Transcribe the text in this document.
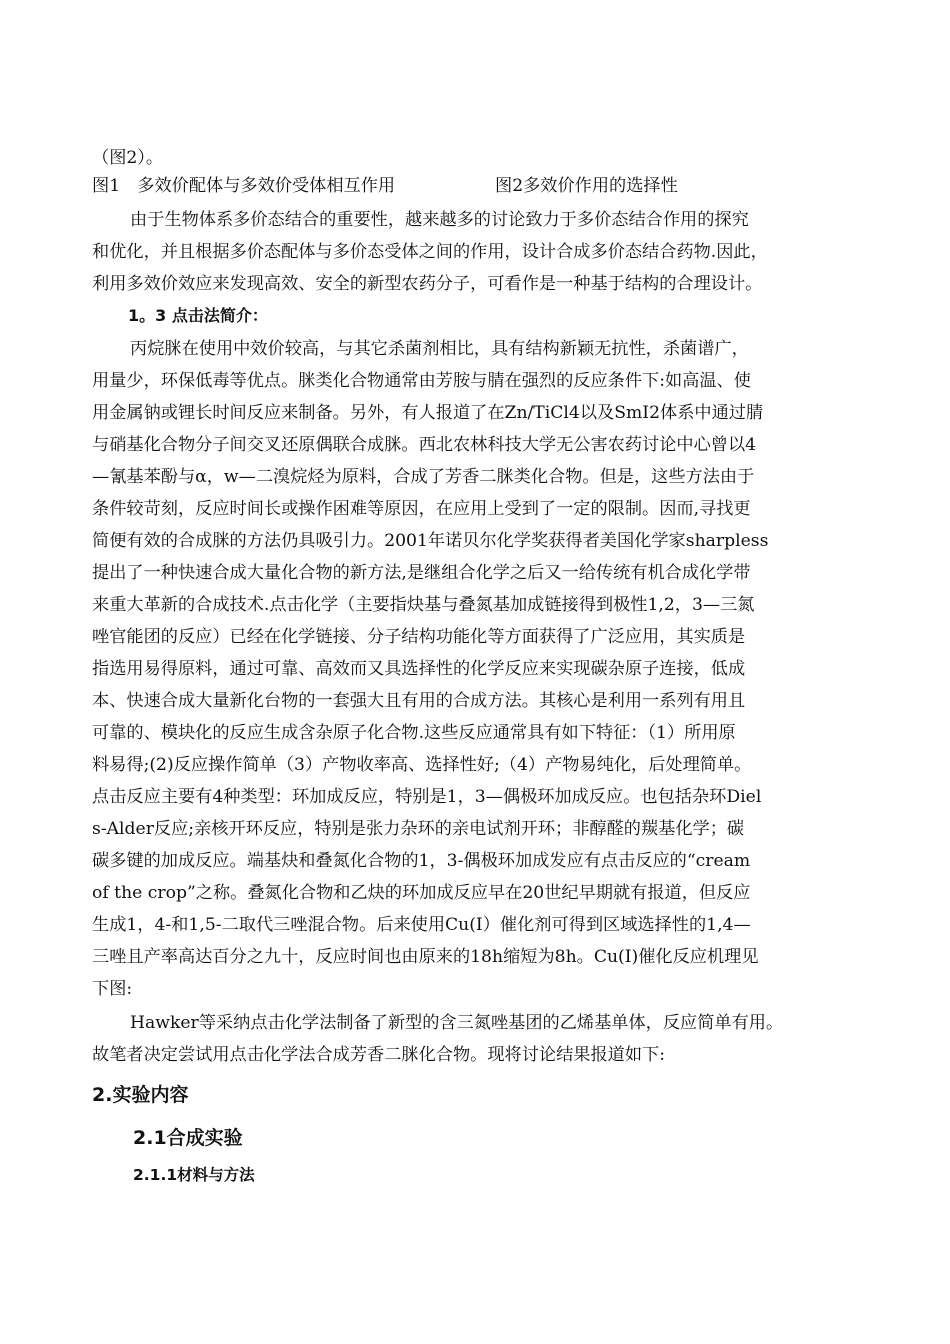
（图2）。

图1　多效价配体与多效价受体相互作用	图2多效价作用的选择性

由于生物体系多价态结合的重要性，越来越多的讨论致力于多价态结合作用的探究

和优化，并且根据多价态配体与多价态受体之间的作用，设计合成多价态结合药物.因此，

利用多效价效应来发现高效、安全的新型农药分子，可看作是一种基于结构的合理设计。

1。3 点击法简介：

丙烷脒在使用中效价较高，与其它杀菌剂相比，具有结构新颖无抗性，杀菌谱广，

用量少，环保低毒等优点。脒类化合物通常由芳胺与腈在强烈的反应条件下:如高温、使

用金属钠或锂长时间反应来制备。另外，有人报道了在Zn/TiCl4以及SmI2体系中通过腈

与硝基化合物分子间交叉还原偶联合成脒。西北农林科技大学无公害农药讨论中心曾以4

—氰基苯酚与α，w—二溴烷烃为原料，合成了芳香二脒类化合物。但是，这些方法由于

条件较苛刻，反应时间长或操作困难等原因，在应用上受到了一定的限制。因而,寻找更

简便有效的合成脒的方法仍具吸引力。2001年诺贝尔化学奖获得者美国化学家sharpless

提出了一种快速合成大量化合物的新方法,是继组合化学之后又一给传统有机合成化学带

来重大革新的合成技术.点击化学（主要指炔基与叠氮基加成链接得到极性1,2，3—三氮

唑官能团的反应）已经在化学链接、分子结构功能化等方面获得了广泛应用，其实质是

指选用易得原料，通过可靠、高效而又具选择性的化学反应来实现碳杂原子连接，低成

本、快速合成大量新化台物的一套强大且有用的合成方法。其核心是利用一系列有用且

可靠的、模块化的反应生成含杂原子化合物.这些反应通常具有如下特征：（1）所用原

料易得;(2)反应操作简单（3）产物收率高、选择性好;（4）产物易纯化，后处理简单。

点击反应主要有4种类型：环加成反应，特别是1，3—偶极环加成反应。也包括杂环Diel

s-Alder反应;亲核开环反应，特别是张力杂环的亲电试剂开环；非醇醛的羰基化学；碳

碳多键的加成反应。端基炔和叠氮化合物的1，3-偶极环加成发应有点击反应的“cream

of the crop”之称。叠氮化合物和乙炔的环加成反应早在20世纪早期就有报道，但反应

生成1，4-和1,5-二取代三唑混合物。后来使用Cu(I）催化剂可得到区域选择性的1,4—

三唑且产率高达百分之九十，反应时间也由原来的18h缩短为8h。Cu(I)催化反应机理见

下图:

Hawker等采纳点击化学法制备了新型的含三氮唑基团的乙烯基单体，反应简单有用。

故笔者决定尝试用点击化学法合成芳香二脒化合物。现将讨论结果报道如下:

2.实验内容

2.1合成实验

2.1.1材料与方法
